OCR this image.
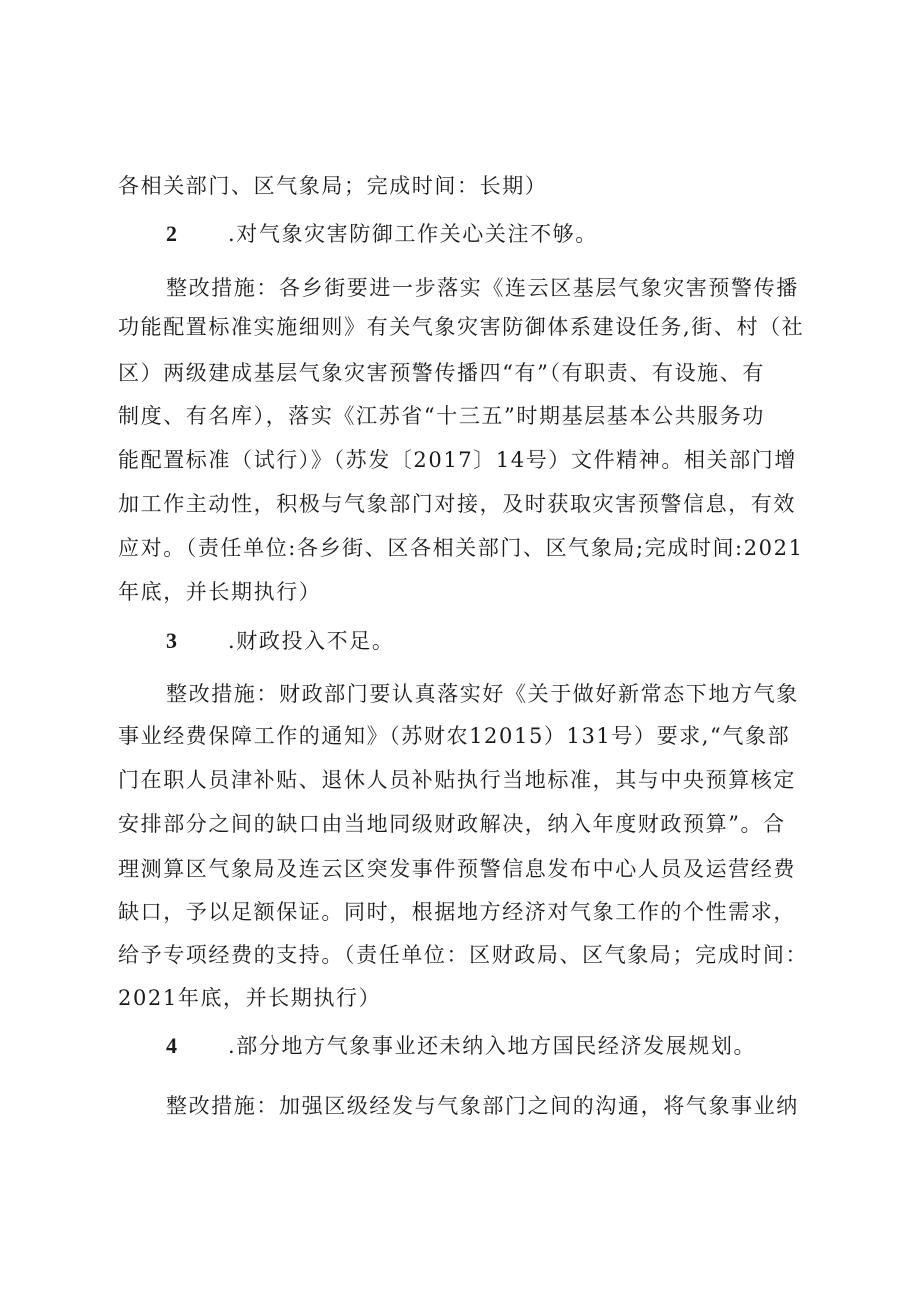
各相关部门、区气象局；完成时间：长期）
2 .对气象灾害防御工作关心关注不够。
整改措施：各乡街要进一步落实《连云区基层气象灾害预警传播
功能配置标准实施细则》有关气象灾害防御体系建设任务,街、村（社
区）两级建成基层气象灾害预警传播四“有”（有职责、有设施、有
制度、有名库），落实《江苏省“十三五”时期基层基本公共服务功
能配置标准（试行）》（苏发〔2017〕14号）文件精神。相关部门增
加工作主动性，积极与气象部门对接，及时获取灾害预警信息，有效
应对。（责任单位:各乡街、区各相关部门、区气象局;完成时间:2021
年底，并长期执行）
3 .财政投入不足。
整改措施：财政部门要认真落实好《关于做好新常态下地方气象
事业经费保障工作的通知》（苏财农12015）131号）要求,“气象部
门在职人员津补贴、退休人员补贴执行当地标准，其与中央预算核定
安排部分之间的缺口由当地同级财政解决，纳入年度财政预算”。合
理测算区气象局及连云区突发事件预警信息发布中心人员及运营经费
缺口，予以足额保证。同时，根据地方经济对气象工作的个性需求，
给予专项经费的支持。（责任单位：区财政局、区气象局；完成时间：
2021年底，并长期执行）
4 .部分地方气象事业还未纳入地方国民经济发展规划。
整改措施：加强区级经发与气象部门之间的沟通，将气象事业纳
